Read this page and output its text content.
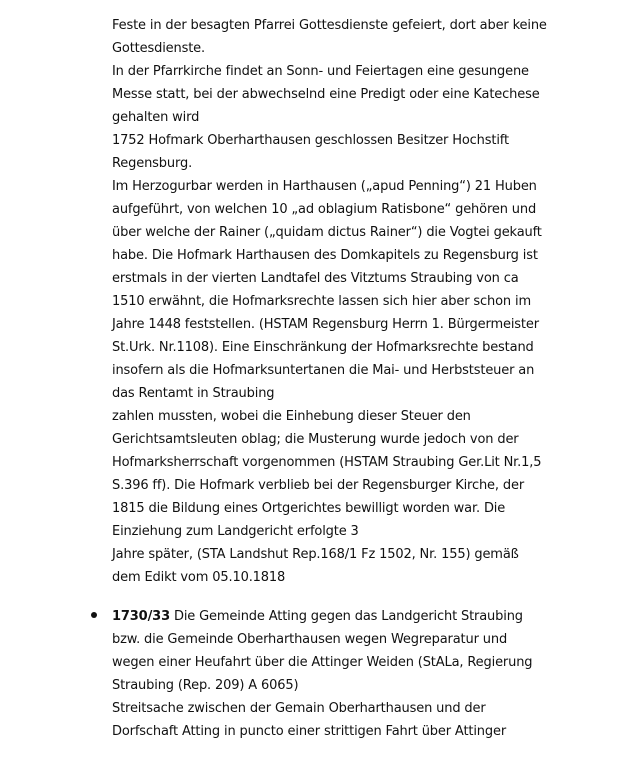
Feste in der besagten Pfarrei Gottesdienste gefeiert, dort aber keine
Gottesdienste.
In der Pfarrkirche findet an Sonn- und Feiertagen eine gesungene
Messe statt, bei der abwechselnd eine Predigt oder eine Katechese
gehalten wird
1752 Hofmark Oberharthausen geschlossen Besitzer Hochstift
Regensburg.
Im Herzogurbar werden in Harthausen („apud Penning“) 21 Huben
aufgeführt, von welchen 10 „ad oblagium Ratisbone“ gehören und
über welche der Rainer („quidam dictus Rainer“) die Vogtei gekauft
habe. Die Hofmark Harthausen des Domkapitels zu Regensburg ist
erstmals in der vierten Landtafel des Vitztums Straubing von ca
1510 erwähnt, die Hofmarksrechte lassen sich hier aber schon im
Jahre 1448 feststellen. (HSTAM Regensburg Herrn 1. Bürgermeister
St.Urk. Nr.1108). Eine Einschränkung der Hofmarksrechte bestand
insofern als die Hofmarksuntertanen die Mai- und Herbststeuer an
das Rentamt in Straubing
zahlen mussten, wobei die Einhebung dieser Steuer den
Gerichtsamtsleuten oblag; die Musterung wurde jedoch von der
Hofmarksherrschaft vorgenommen (HSTAM Straubing Ger.Lit Nr.1,5
S.396 ff). Die Hofmark verblieb bei der Regensburger Kirche, der
1815 die Bildung eines Ortgerichtes bewilligt worden war. Die
Einziehung zum Landgericht erfolgte 3
Jahre später, (STA Landshut Rep.168/1 Fz 1502, Nr. 155) gemäß
dem Edikt vom 05.10.1818
1730/33 Die Gemeinde Atting gegen das Landgericht Straubing
bzw. die Gemeinde Oberharthausen wegen Wegreparatur und
wegen einer Heufahrt über die Attinger Weiden (StALa, Regierung
Straubing (Rep. 209) A 6065)
Streitsache zwischen der Gemain Oberharthausen und der
Dorfschaft Atting in puncto einer strittigen Fahrt über Attinger
